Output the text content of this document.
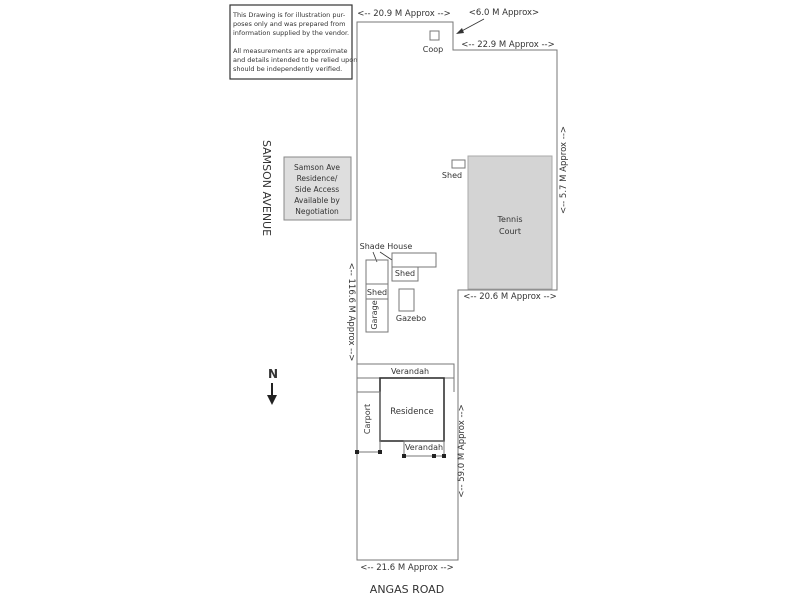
This Drawing is for illustration pur-
poses only and was prepared from
information supplied by the vendor.
All measurements are approximate
and details intended to be relied upon
should be independently verified.
<-- 20.9 M Approx --> <6.0 M Approx>
<-- 22.9 M Approx -->
Coop
<-- 5.7 M Approx -->
SAMSON AVENUE
ANGAS ROAD
Samson Ave
Residence/
Side Access
Available by
Negotiation
Tennis
Court
Shed
<-- 20.6 M Approx -->
Shade House
Shed
Shed
Garage Gazebo
<-- 116.6 M Approx -->
N	Verandah
Residence
Carport
Verandah <-- 59.0 M Approx -->
<-- 21.6 M Approx -->
